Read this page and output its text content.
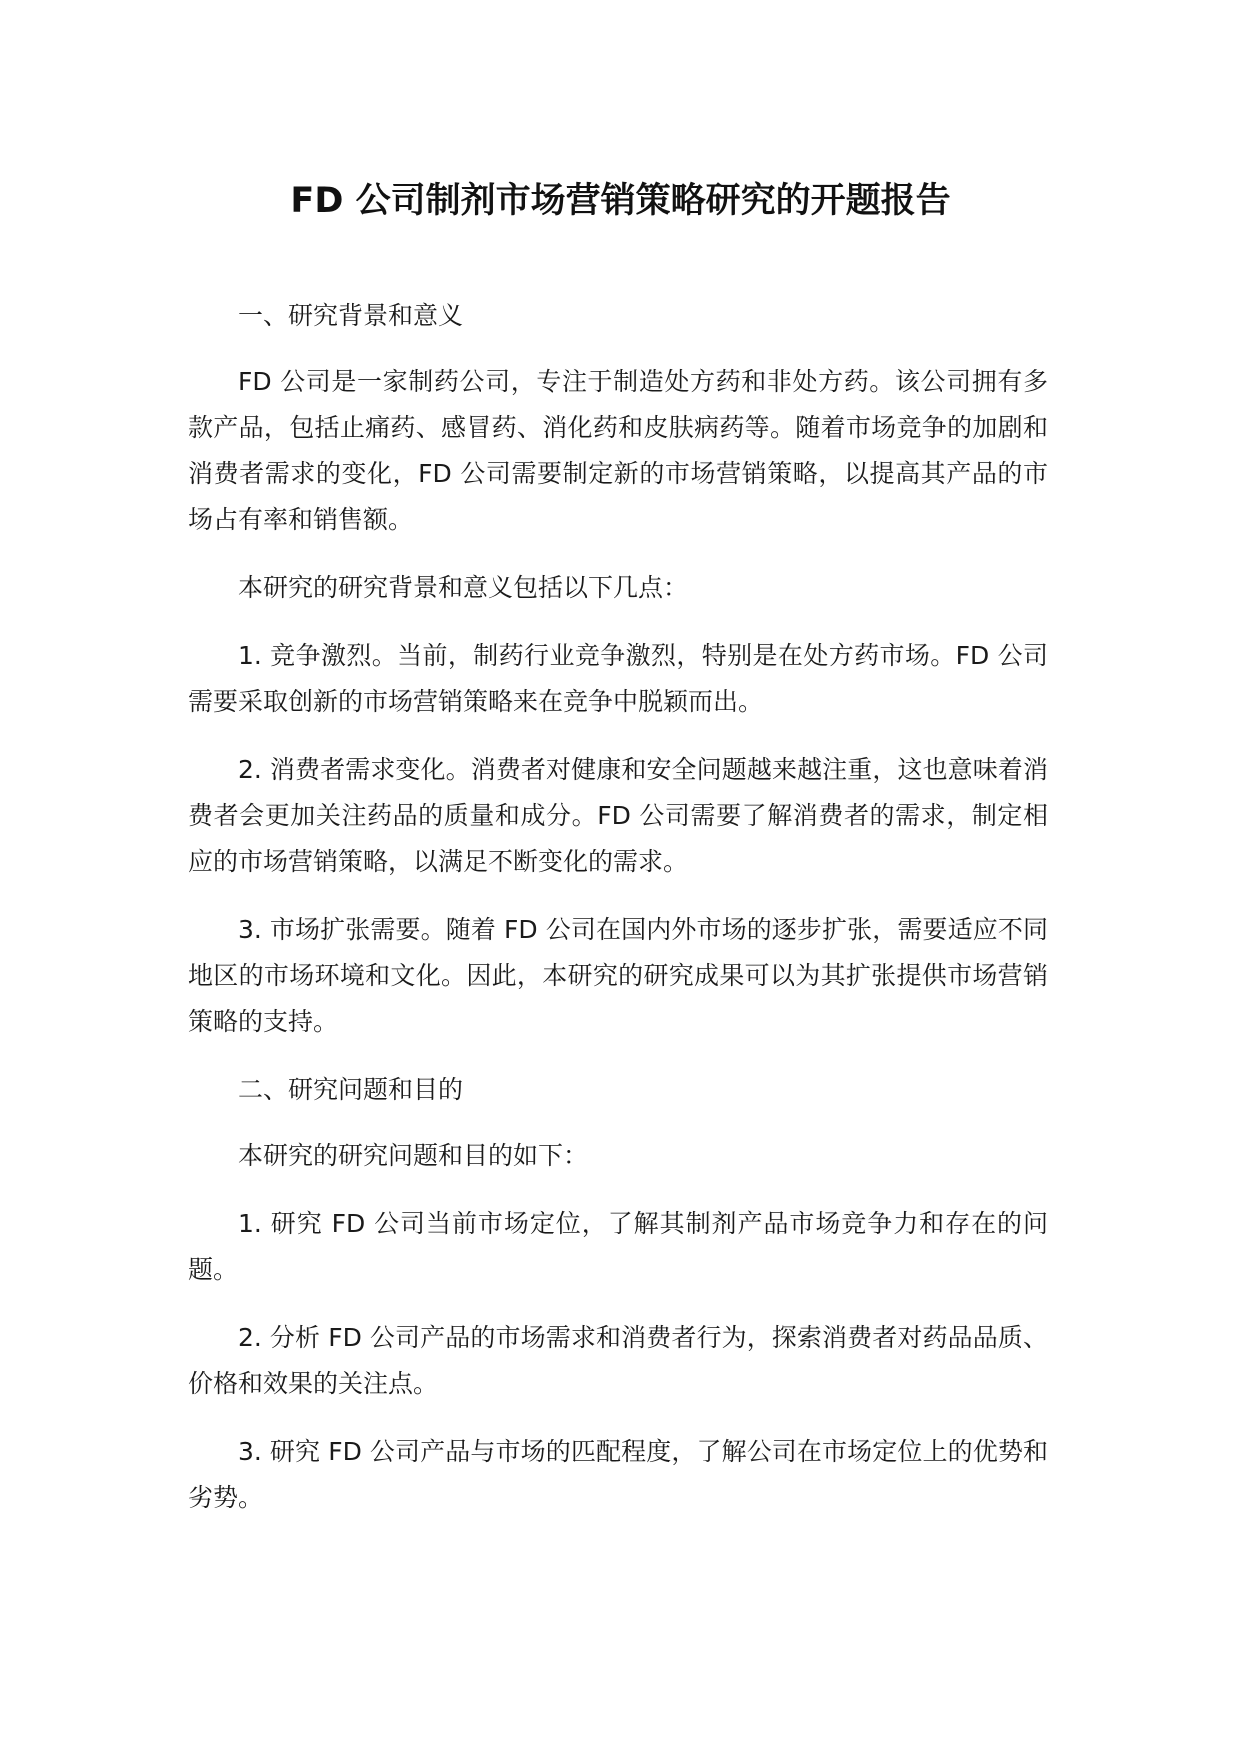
FD 公司制剂市场营销策略研究的开题报告

一、研究背景和意义

FD 公司是一家制药公司，专注于制造处方药和非处方药。该公司拥有多款产品，包括止痛药、感冒药、消化药和皮肤病药等。随着市场竞争的加剧和消费者需求的变化，FD 公司需要制定新的市场营销策略，以提高其产品的市场占有率和销售额。

本研究的研究背景和意义包括以下几点：

1. 竞争激烈。当前，制药行业竞争激烈，特别是在处方药市场。FD 公司需要采取创新的市场营销策略来在竞争中脱颖而出。

2. 消费者需求变化。消费者对健康和安全问题越来越注重，这也意味着消费者会更加关注药品的质量和成分。FD 公司需要了解消费者的需求，制定相应的市场营销策略，以满足不断变化的需求。

3. 市场扩张需要。随着 FD 公司在国内外市场的逐步扩张，需要适应不同地区的市场环境和文化。因此，本研究的研究成果可以为其扩张提供市场营销策略的支持。

二、研究问题和目的

本研究的研究问题和目的如下：

1. 研究 FD 公司当前市场定位，了解其制剂产品市场竞争力和存在的问题。

2. 分析 FD 公司产品的市场需求和消费者行为，探索消费者对药品品质、价格和效果的关注点。

3. 研究 FD 公司产品与市场的匹配程度，了解公司在市场定位上的优势和劣势。
